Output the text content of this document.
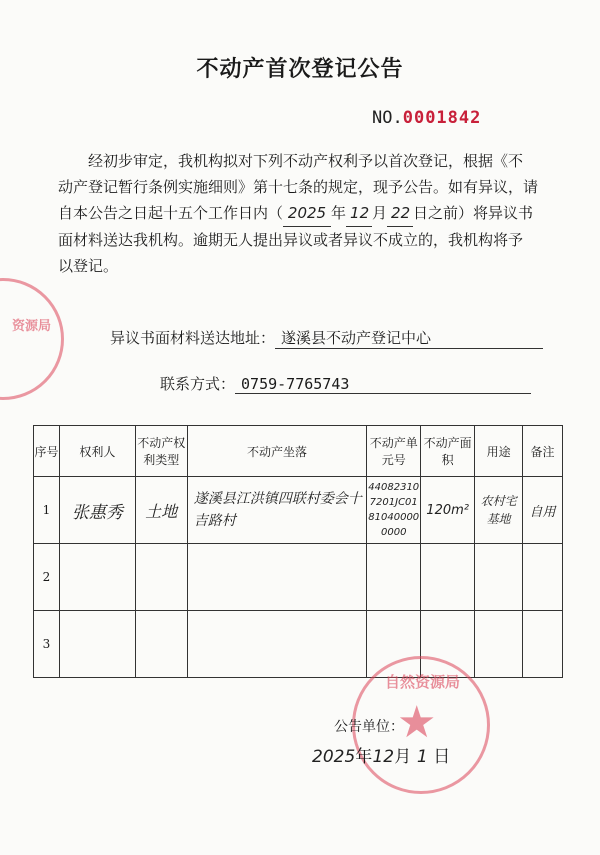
不动产首次登记公告
NO.0001842
经初步审定，我机构拟对下列不动产权利予以首次登记，根据《不
动产登记暂行条例实施细则》第十七条的规定，现予公告。如有异议，请
自本公告之日起十五个工作日内（ 2025 年 12 月 22 日之前）将异议书
面材料送达我机构。逾期无人提出异议或者异议不成立的，我机构将予
以登记。
异议书面材料送达地址： 遂溪县不动产登记中心
联系方式： 0759-7765743
序号	权利人	不动产权利类型	不动产坐落	不动产单元号	不动产面积	用途	备注
1	张惠秀	土地	遂溪县江洪镇四联村委会十吉路村	440823107201JC01810400000000	120m²	农村宅基地	自用
2							
3							
资源局
自然资源局
★
公告单位：
2025年12月 1 日
